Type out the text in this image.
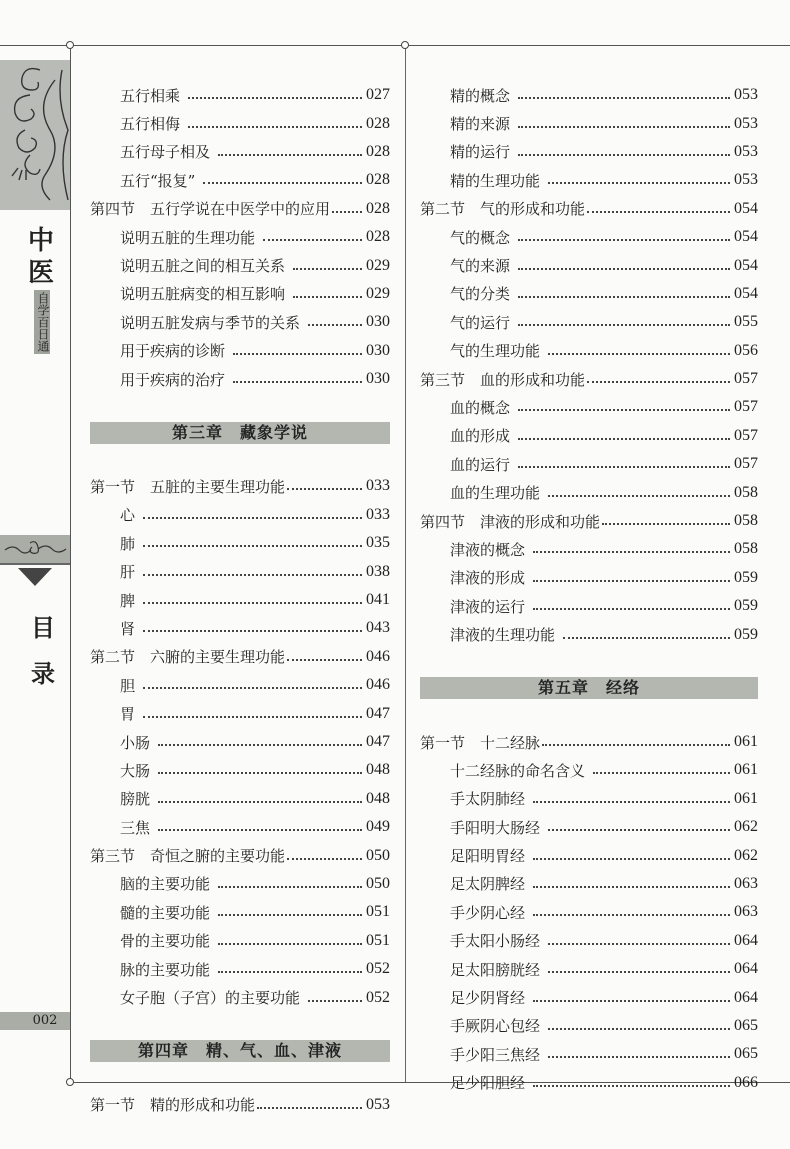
中医
自学百日通
目
录
002
五行相乘	027
五行相侮	028
五行母子相及	028
五行“报复”	028
第四节　五行学说在中医学中的应用 028
说明五脏的生理功能	028
说明五脏之间的相互关系	029
说明五脏病变的相互影响	029
说明五脏发病与季节的关系	030
用于疾病的诊断	030
用于疾病的治疗	030
第三章　藏象学说
第一节　五脏的主要生理功能	033
心	033
肺	035
肝	038
脾	041
肾	043
第二节　六腑的主要生理功能	046
胆	046
胃	047
小肠	047
大肠	048
膀胱	048
三焦	049
第三节　奇恒之腑的主要功能	050
脑的主要功能	050
髓的主要功能	051
骨的主要功能	051
脉的主要功能	052
女子胞（子宫）的主要功能	052
第四章　精、气、血、津液
第一节　精的形成和功能	053
精的概念	053
精的来源	053
精的运行	053
精的生理功能	053
第二节　气的形成和功能	054
气的概念	054
气的来源	054
气的分类	054
气的运行	055
气的生理功能	056
第三节　血的形成和功能	057
血的概念	057
血的形成	057
血的运行	057
血的生理功能	058
第四节　津液的形成和功能	058
津液的概念	058
津液的形成	059
津液的运行	059
津液的生理功能	059
第五章　经络
第一节　十二经脉	061
十二经脉的命名含义	061
手太阴肺经	061
手阳明大肠经	062
足阳明胃经	062
足太阴脾经	063
手少阴心经	063
手太阳小肠经	064
足太阳膀胱经	064
足少阴肾经	064
手厥阴心包经	065
手少阳三焦经	065
足少阳胆经	066
